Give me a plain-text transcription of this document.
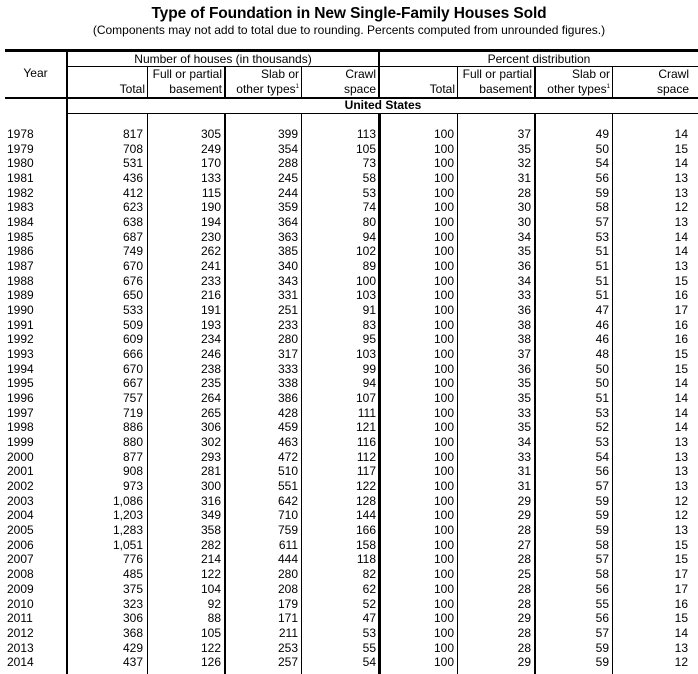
Type of Foundation in New Single-Family Houses Sold
(Components may not add to total due to rounding. Percents computed from unrounded figures.)
Year
Number of houses (in thousands)	Percent distribution
Total
Full or partial
basement
Slab or
other types$^1$
Crawl
space	Total
Full or partial
basement
Slab or
other types$^1$
Crawl
space
United States
1978	817	305	399	113	100	37	49	14
1979	708	249	354	105	100	35	50	15
1980	531	170	288	73	100	32	54	14
1981	436	133	245	58	100	31	56	13
1982	412	115	244	53	100	28	59	13
1983	623	190	359	74	100	30	58	12
1984	638	194	364	80	100	30	57	13
1985	687	230	363	94	100	34	53	14
1986	749	262	385	102	100	35	51	14
1987	670	241	340	89	100	36	51	13
1988	676	233	343	100	100	34	51	15
1989	650	216	331	103	100	33	51	16
1990	533	191	251	91	100	36	47	17
1991	509	193	233	83	100	38	46	16
1992	609	234	280	95	100	38	46	16
1993	666	246	317	103	100	37	48	15
1994	670	238	333	99	100	36	50	15
1995	667	235	338	94	100	35	50	14
1996	757	264	386	107	100	35	51	14
1997	719	265	428	111	100	33	53	14
1998	886	306	459	121	100	35	52	14
1999	880	302	463	116	100	34	53	13
2000	877	293	472	112	100	33	54	13
2001	908	281	510	117	100	31	56	13
2002	973	300	551	122	100	31	57	13
2003	1,086	316	642	128	100	29	59	12
2004	1,203	349	710	144	100	29	59	12
2005	1,283	358	759	166	100	28	59	13
2006	1,051	282	611	158	100	27	58	15
2007	776	214	444	118	100	28	57	15
2008	485	122	280	82	100	25	58	17
2009	375	104	208	62	100	28	56	17
2010	323	92	179	52	100	28	55	16
2011	306	88	171	47	100	29	56	15
2012	368	105	211	53	100	28	57	14
2013	429	122	253	55	100	28	59	13
2014	437	126	257	54	100	29	59	12
